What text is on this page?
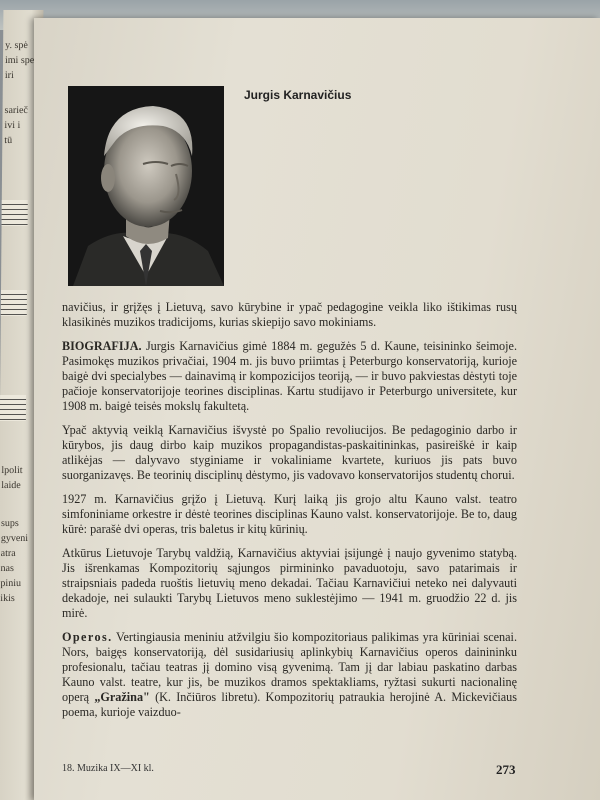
y. spė
imi spe
iri
sarieč
ivi i
tū
lpolit
laide
sups
gyveni
atra
nas
piniu
ikis
Jurgis Karnavičius

navičius, ir grįžęs į Lietuvą, savo kūrybine ir ypač pedagogine veikla liko ištikimas rusų klasikinės muzikos tradicijoms, kurias skiepijo savo mokiniams.

BIOGRAFIJA. Jurgis Karnavičius gimė 1884 m. gegužės 5 d. Kaune, teisininko šeimoje. Pasimokęs muzikos privačiai, 1904 m. jis buvo priimtas į Peterburgo konservatoriją, kurioje baigė dvi specialybes — dainavimą ir kompozicijos teoriją, — ir buvo pakviestas dėstyti toje pačioje konservatorijoje teorines disciplinas. Kartu studijavo ir Peterburgo universitete, kur 1908 m. baigė teisės mokslų fakultetą.

Ypač aktyvią veiklą Karnavičius išvystė po Spalio revoliucijos. Be pedagoginio darbo ir kūrybos, jis daug dirbo kaip muzikos propagandistas-paskaitininkas, pasireiškė ir kaip atlikėjas — dalyvavo styginiame ir vokaliniame kvartete, kuriuos jis pats buvo suorganizavęs. Be teorinių disciplinų dėstymo, jis vadovavo konservatorijos studentų chorui.

1927 m. Karnavičius grįžo į Lietuvą. Kurį laiką jis grojo altu Kauno valst. teatro simfoniniame orkestre ir dėstė teorines disciplinas Kauno valst. konservatorijoje. Be to, daug kūrė: parašė dvi operas, tris baletus ir kitų kūrinių.

Atkūrus Lietuvoje Tarybų valdžią, Karnavičius aktyviai įsijungė į naujo gyvenimo statybą. Jis išrenkamas Kompozitorių sąjungos pirmininko pavaduotoju, savo patarimais ir straipsniais padeda ruoštis lietuvių meno dekadai. Tačiau Karnavičiui neteko nei dalyvauti dekadoje, nei sulaukti Tarybų Lietuvos meno suklestėjimo — 1941 m. gruodžio 22 d. jis mirė.

Operos. Vertingiausia meniniu atžvilgiu šio kompozitoriaus palikimas yra kūriniai scenai. Nors, baigęs konservatoriją, dėl susidariusių aplinkybių Karnavičius operos dainininku profesionalu, tačiau teatras jį domino visą gyvenimą. Tam jį dar labiau paskatino darbas Kauno valst. teatre, kur jis, be muzikos dramos spektakliams, ryžtasi sukurti nacionalinę operą „Gražina" (K. Inčiūros libretu). Kompozitorių patraukia herojinė A. Mickevičiaus poema, kurioje vaizduo-

18. Muzika IX—XI kl.	273
